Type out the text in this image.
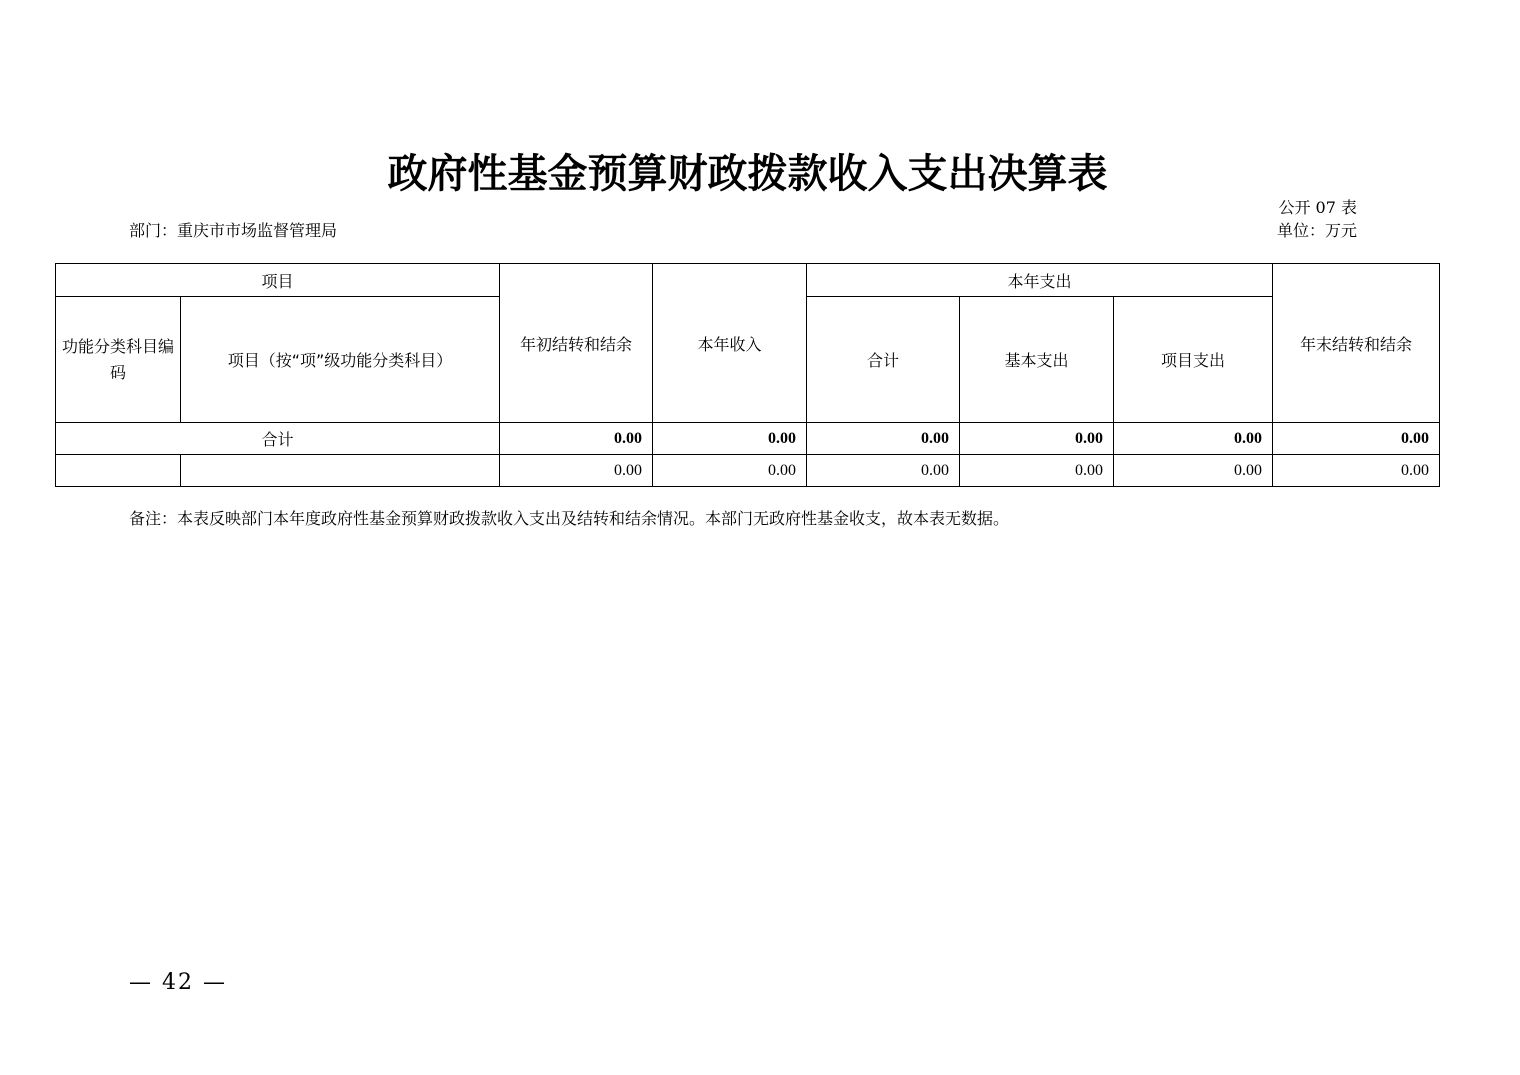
政府性基金预算财政拨款收入支出决算表
公开 07 表
部门：重庆市市场监督管理局	单位：万元
项目		年初结转和结余	本年收入	本年支出			年末结转和结余
功能分类科目编码	项目（按“项”级功能分类科目）			合计	基本支出	项目支出	
合计		0.00	0.00	0.00	0.00	0.00	0.00
		0.00	0.00	0.00	0.00	0.00	0.00
备注：本表反映部门本年度政府性基金预算财政拨款收入支出及结转和结余情况。本部门无政府性基金收支，故本表无数据。
— 42 —
